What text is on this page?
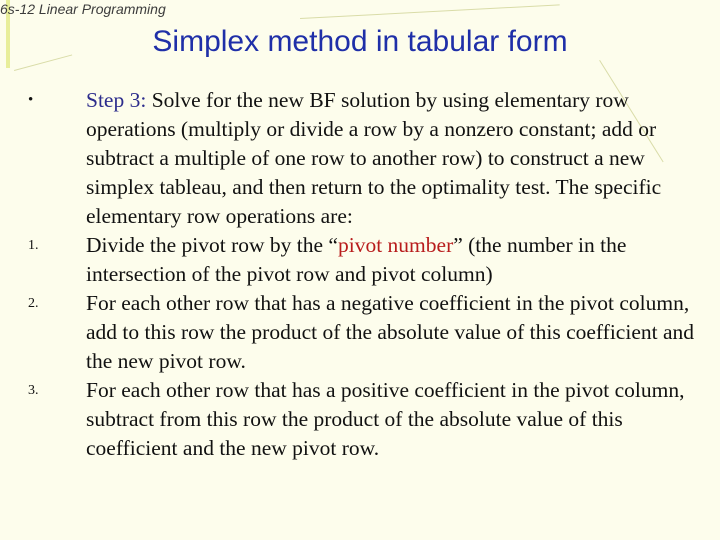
6s-12 Linear Programming
Simplex method in tabular form
• Step 3: Solve for the new BF solution by using elementary row operations (multiply or divide a row by a nonzero constant; add or subtract a multiple of one row to another row) to construct a new simplex tableau, and then return to the optimality test. The specific elementary row operations are:
1. Divide the pivot row by the “pivot number” (the number in the intersection of the pivot row and pivot column)
2. For each other row that has a negative coefficient in the pivot column, add to this row the product of the absolute value of this coefficient and the new pivot row.
3. For each other row that has a positive coefficient in the pivot column, subtract from this row the product of the absolute value of this coefficient and the new pivot row.
